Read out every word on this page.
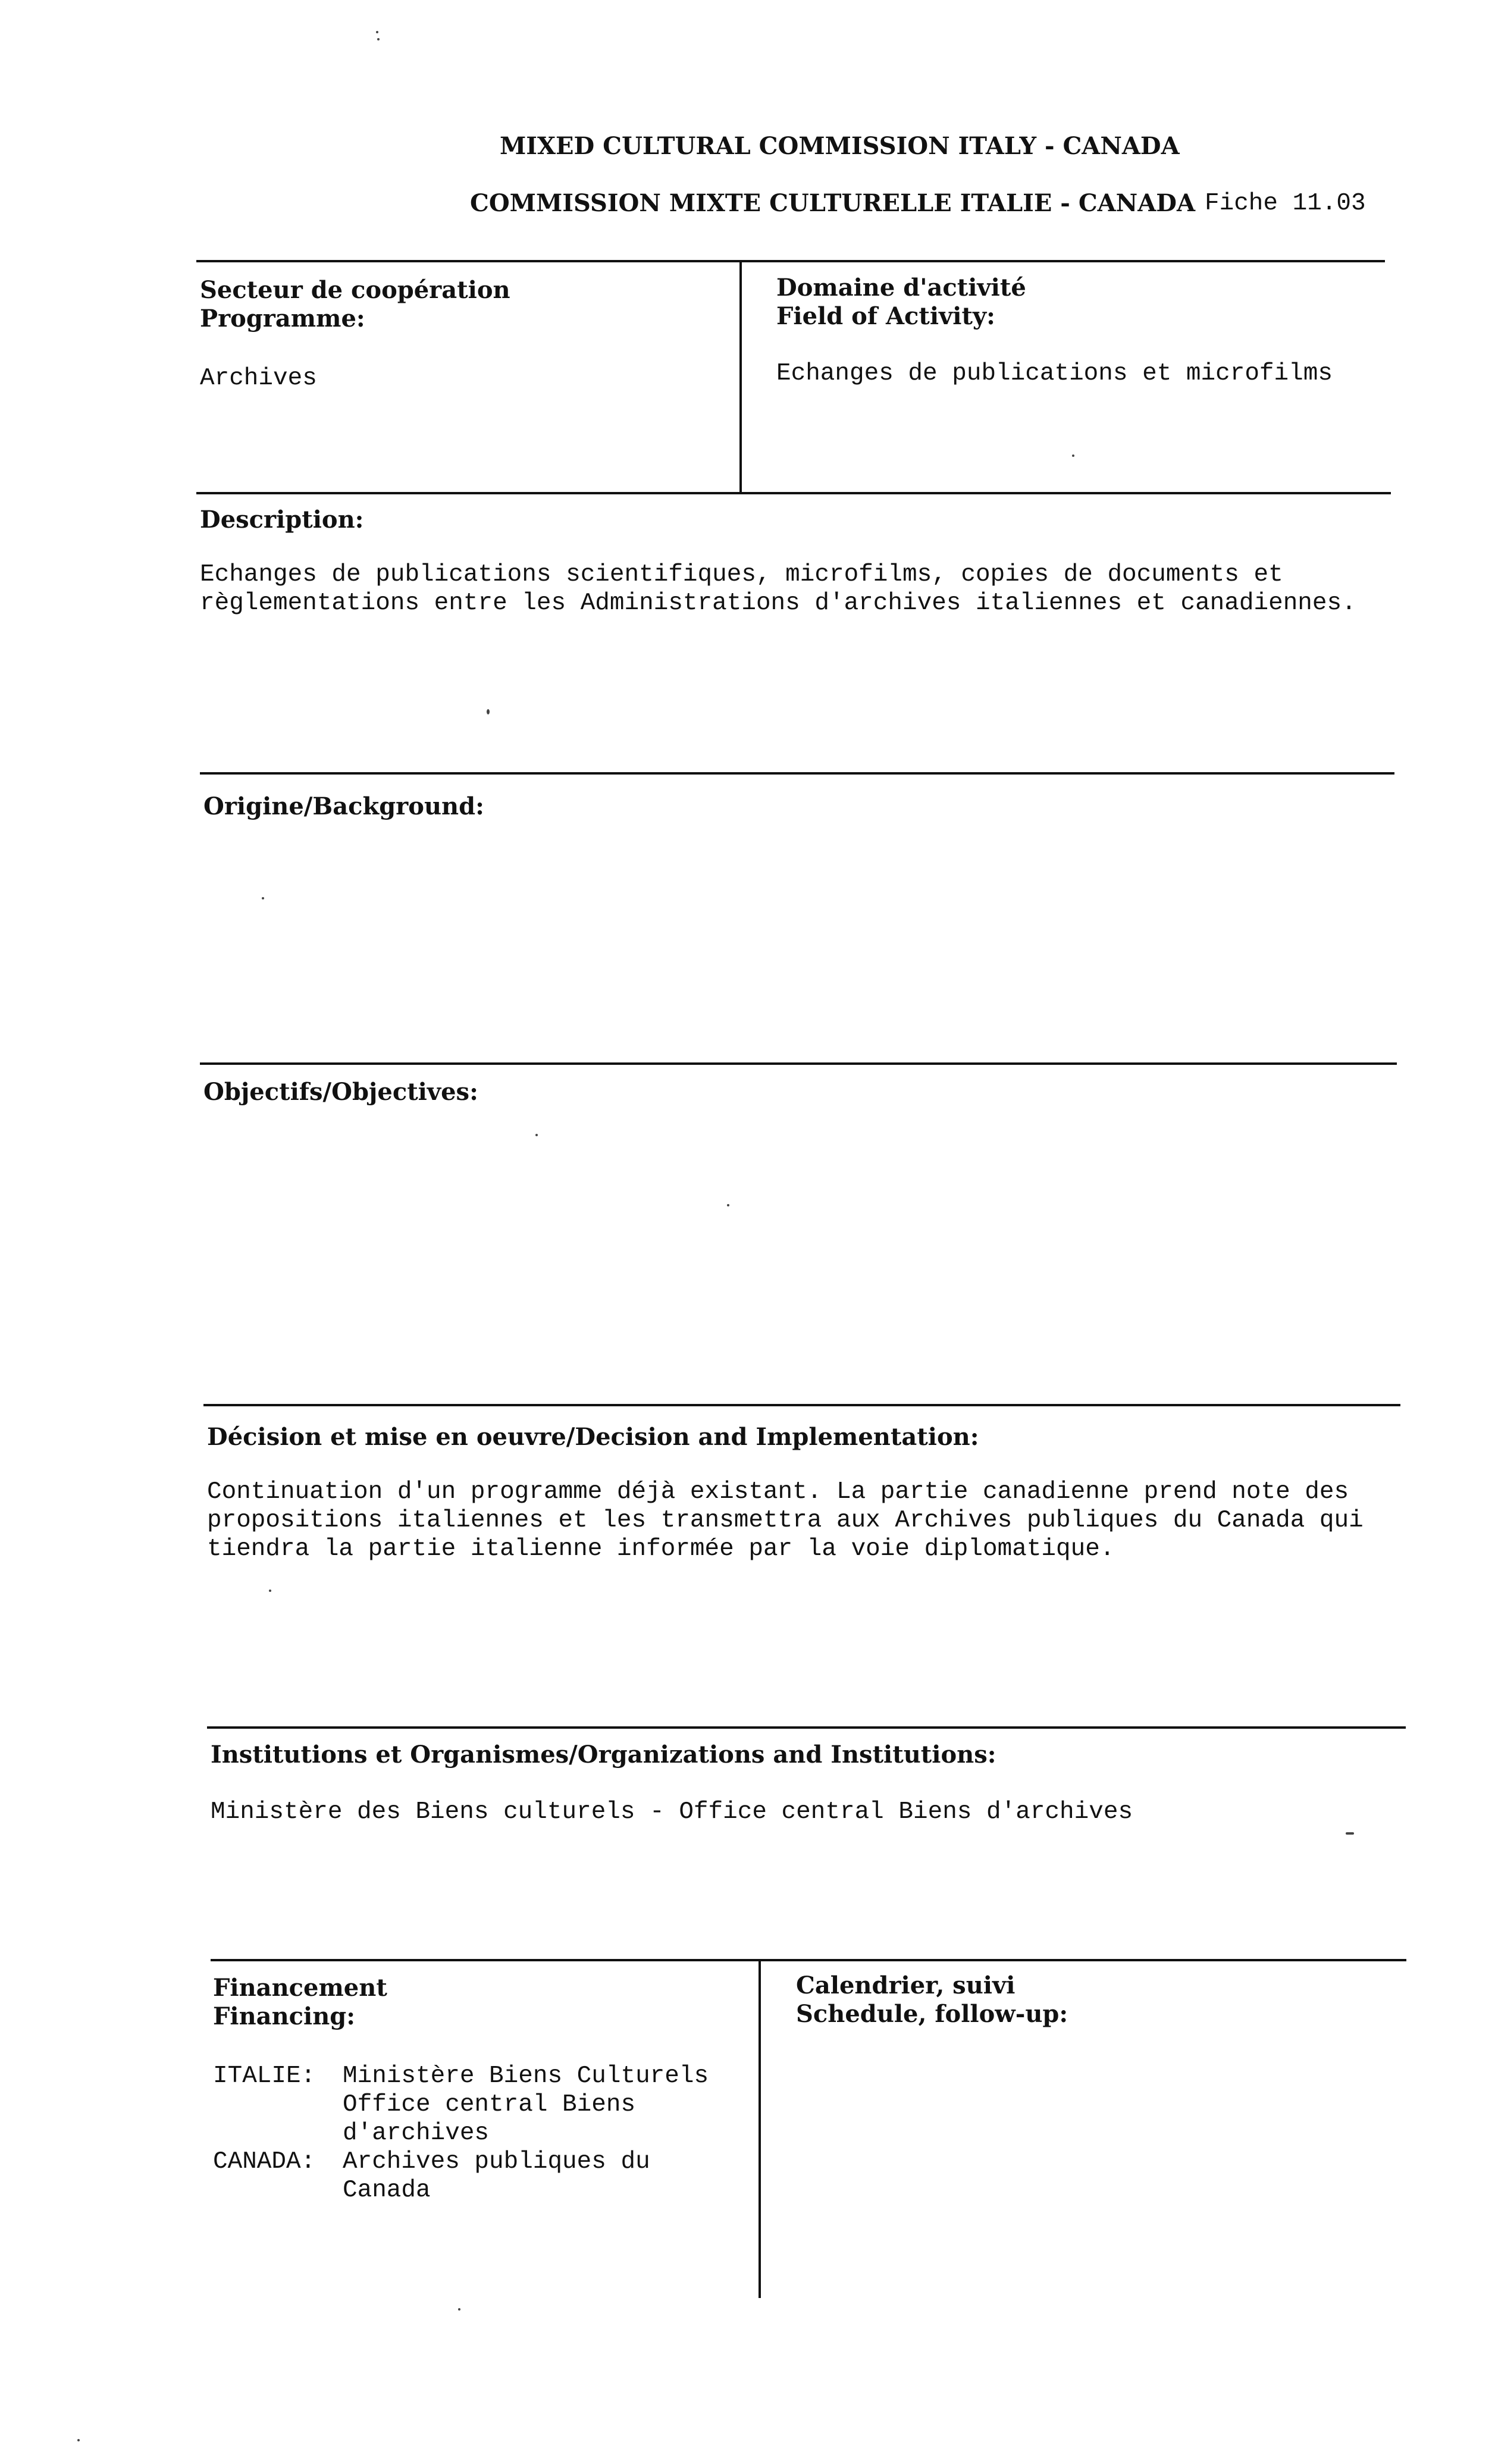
MIXED CULTURAL COMMISSION ITALY - CANADA
COMMISSION MIXTE CULTURELLE ITALIE - CANADA Fiche 11.03
Secteur de coopération
Programme:
Archives
Domaine d'activité
Field of Activity:
Echanges de publications et microfilms
Description:
Echanges de publications scientifiques, microfilms, copies de documents et
règlementations entre les Administrations d'archives italiennes et canadiennes.
Origine/Background:
Objectifs/Objectives:
Décision et mise en oeuvre/Decision and Implementation:
Continuation d'un programme déjà existant. La partie canadienne prend note des
propositions italiennes et les transmettra aux Archives publiques du Canada qui
tiendra la partie italienne informée par la voie diplomatique.
Institutions et Organismes/Organizations and Institutions:
Ministère des Biens culturels - Office central Biens d'archives
Financement
Financing:
ITALIE: Ministère Biens Culturels
Office central Biens
d'archives
CANADA: Archives publiques du
Canada
Calendrier, suivi
Schedule, follow-up:
